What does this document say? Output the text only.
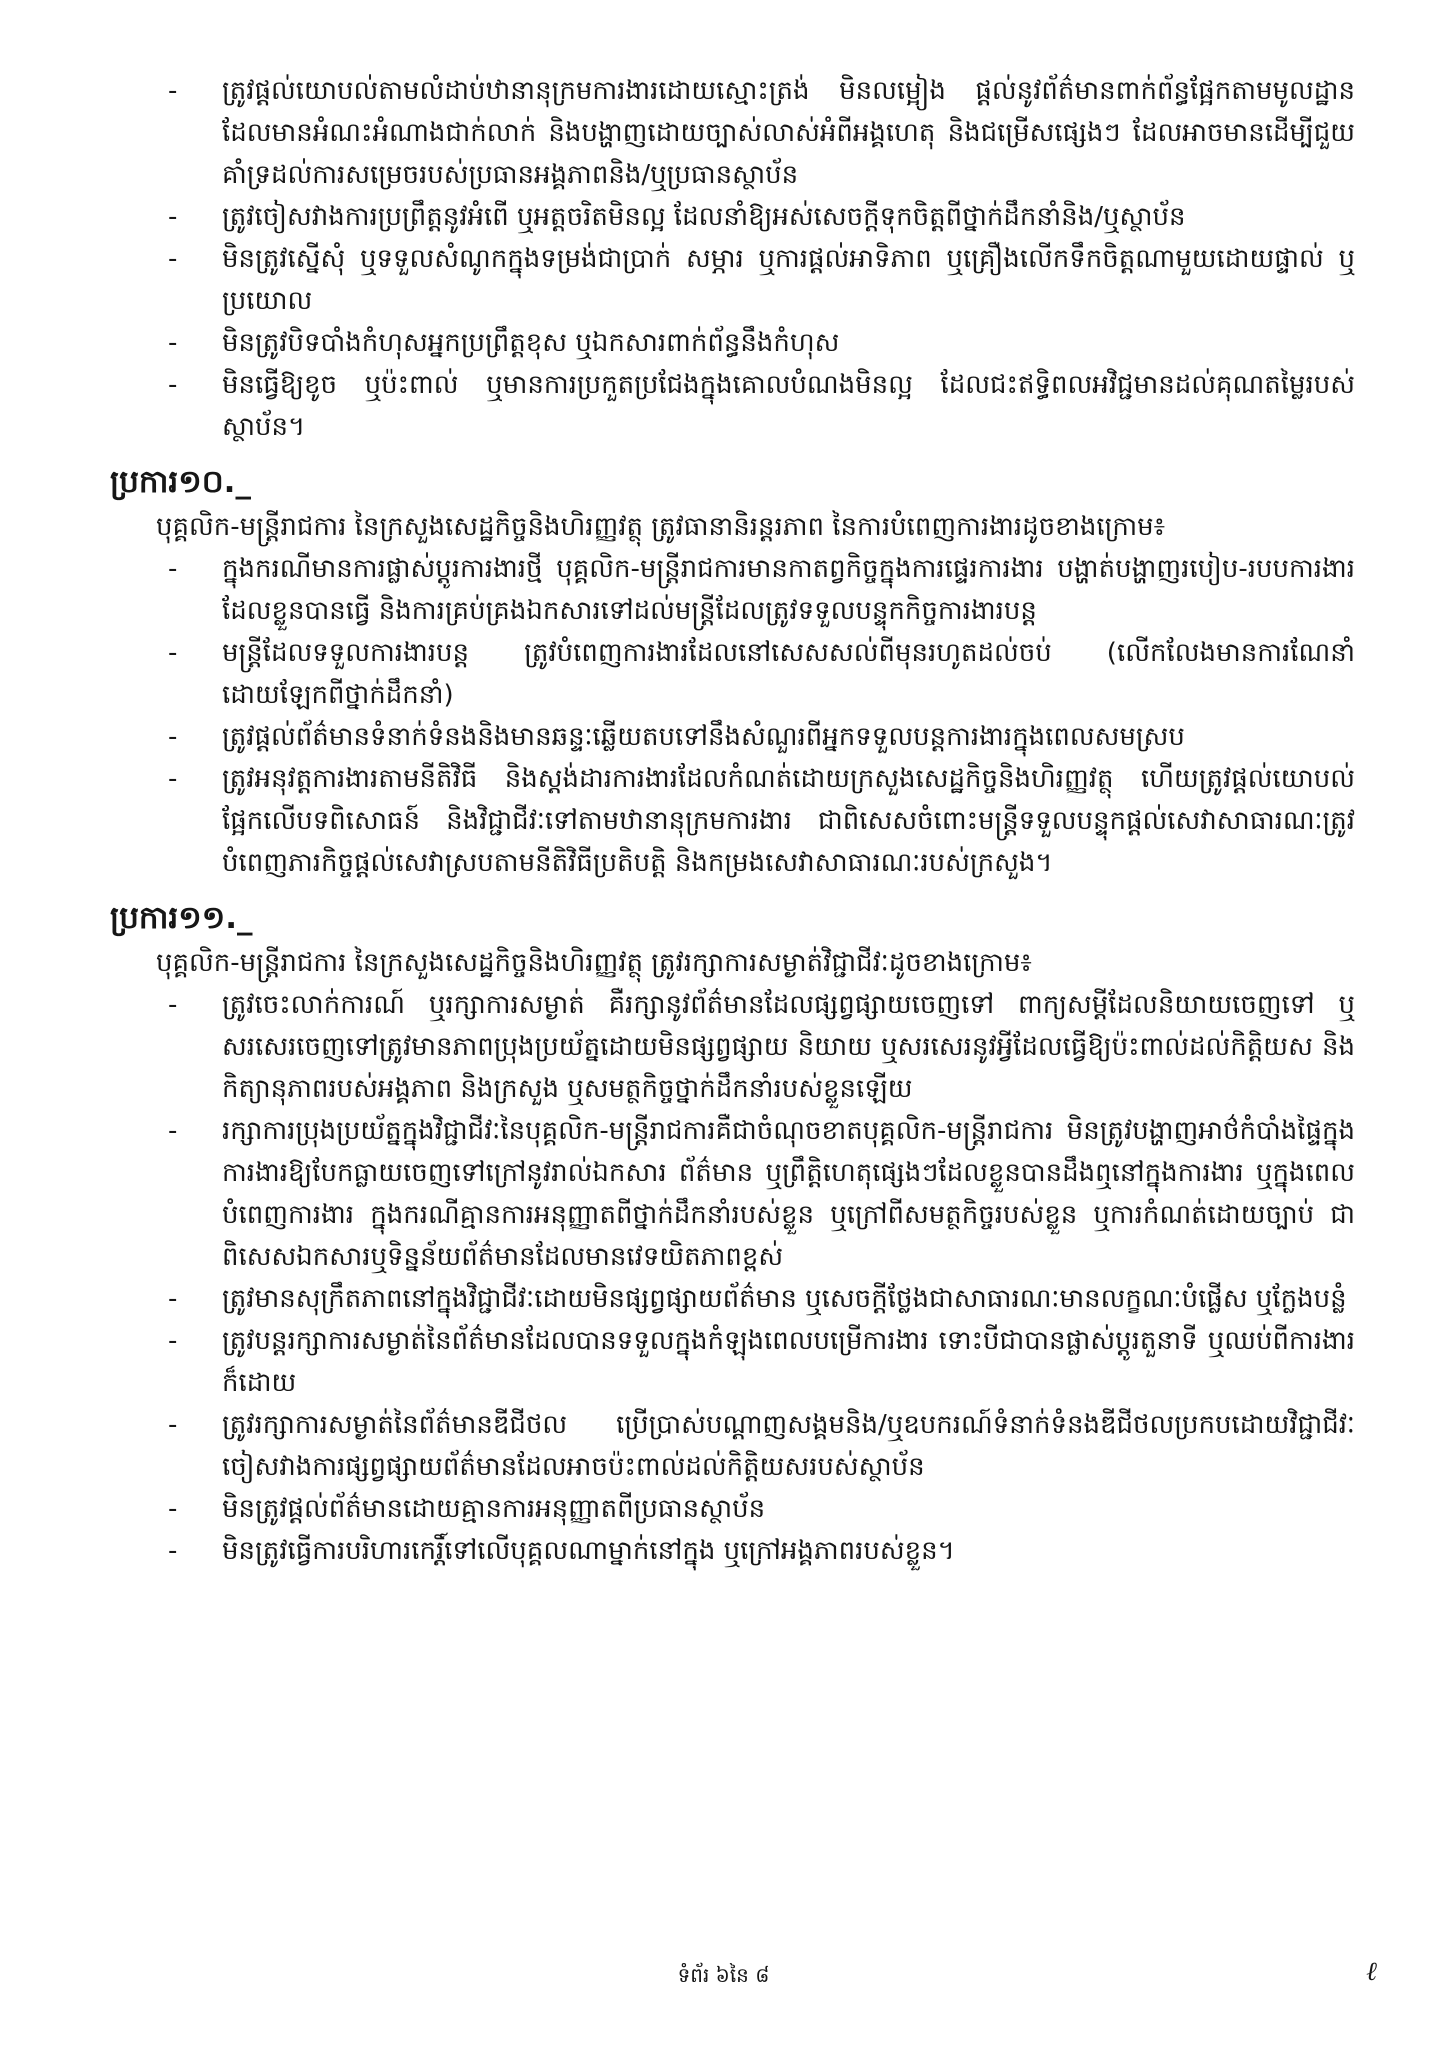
- ត្រូវផ្តល់យោបល់តាមលំដាប់ឋានានុក្រមការងារដោយស្មោះត្រង់ មិនលម្អៀង ផ្តល់នូវព័ត៌មានពាក់ព័ន្ធផ្អែកតាមមូលដ្ឋានដែលមានអំណះអំណាងជាក់លាក់ និងបង្ហាញដោយច្បាស់លាស់អំពីអង្គហេតុ និងជម្រើសផ្សេងៗ ដែលអាចមានដើម្បីជួយគាំទ្រដល់ការសម្រេចរបស់ប្រធានអង្គភាពនិង/ឬប្រធានស្ថាប័ន
- ត្រូវចៀសវាងការប្រព្រឹត្តនូវអំពើ ឬអត្តចរិតមិនល្អ ដែលនាំឱ្យអស់សេចក្តីទុកចិត្តពីថ្នាក់ដឹកនាំនិង/ឬស្ថាប័ន
- មិនត្រូវស្នើសុំ ឬទទួលសំណូកក្នុងទម្រង់ជាប្រាក់ សម្ភារ ឬការផ្តល់អាទិភាព ឬគ្រឿងលើកទឹកចិត្តណាមួយដោយផ្ទាល់ ឬប្រយោល
- មិនត្រូវបិទបាំងកំហុសអ្នកប្រព្រឹត្តខុស ឬឯកសារពាក់ព័ន្ធនឹងកំហុស
- មិនធ្វើឱ្យខូច ឬប៉ះពាល់ ឬមានការប្រកួតប្រជែងក្នុងគោលបំណងមិនល្អ ដែលជះឥទ្ធិពលអវិជ្ជមានដល់គុណតម្លៃរបស់ស្ថាប័ន។
ប្រការ១០._

បុគ្គលិក-មន្ត្រីរាជការ នៃក្រសួងសេដ្ឋកិច្ចនិងហិរញ្ញវត្ថុ ត្រូវធានានិរន្តរភាព នៃការបំពេញការងារដូចខាងក្រោម៖

- ក្នុងករណីមានការផ្លាស់ប្តូរការងារថ្មី បុគ្គលិក-មន្ត្រីរាជការមានកាតព្វកិច្ចក្នុងការផ្ទេរការងារ បង្ហាត់បង្ហាញរបៀប-របបការងារដែលខ្លួនបានធ្វើ និងការគ្រប់គ្រងឯកសារទៅដល់មន្ត្រីដែលត្រូវទទួលបន្ទុកកិច្ចការងារបន្ត
- មន្ត្រីដែលទទួលការងារបន្ត ត្រូវបំពេញការងារដែលនៅសេសសល់ពីមុនរហូតដល់ចប់ (លើកលែងមានការណែនាំដោយឡែកពីថ្នាក់ដឹកនាំ)
- ត្រូវផ្តល់ព័ត៌មានទំនាក់ទំនងនិងមានឆន្ទៈឆ្លើយតបទៅនឹងសំណួរពីអ្នកទទួលបន្តការងារក្នុងពេលសមស្រប
- ត្រូវអនុវត្តការងារតាមនីតិវិធី និងស្តង់ដារការងារដែលកំណត់ដោយក្រសួងសេដ្ឋកិច្ចនិងហិរញ្ញវត្ថុ ហើយត្រូវផ្តល់យោបល់ផ្អែកលើបទពិសោធន៍ និងវិជ្ជាជីវៈទៅតាមឋានានុក្រមការងារ ជាពិសេសចំពោះមន្ត្រីទទួលបន្ទុកផ្តល់សេវាសាធារណៈត្រូវបំពេញភារកិច្ចផ្តល់សេវាស្របតាមនីតិវិធីប្រតិបត្តិ និងកម្រងសេវាសាធារណៈរបស់ក្រសួង។
ប្រការ១១._

បុគ្គលិក-មន្ត្រីរាជការ នៃក្រសួងសេដ្ឋកិច្ចនិងហិរញ្ញវត្ថុ ត្រូវរក្សាការសម្ងាត់វិជ្ជាជីវៈដូចខាងក្រោម៖

- ត្រូវចេះលាក់ការណ៍ ឬរក្សាការសម្ងាត់ គឺរក្សានូវព័ត៌មានដែលផ្សព្វផ្សាយចេញទៅ ពាក្យសម្តីដែលនិយាយចេញទៅ ឬសរសេរចេញទៅត្រូវមានភាពប្រុងប្រយ័ត្នដោយមិនផ្សព្វផ្សាយ និយាយ ឬសរសេរនូវអ្វីដែលធ្វើឱ្យប៉ះពាល់ដល់កិត្តិយស និងកិត្យានុភាពរបស់អង្គភាព និងក្រសួង ឬសមត្ថកិច្ចថ្នាក់ដឹកនាំរបស់ខ្លួនឡើយ
- រក្សាការប្រុងប្រយ័ត្នក្នុងវិជ្ជាជីវៈនៃបុគ្គលិក-មន្ត្រីរាជការគឺជាចំណុចខាតបុគ្គលិក-មន្ត្រីរាជការ មិនត្រូវបង្ហាញអាថ៌កំបាំងផ្ទៃក្នុងការងារឱ្យបែកធ្លាយចេញទៅក្រៅនូវរាល់ឯកសារ ព័ត៌មាន ឬព្រឹត្តិហេតុផ្សេងៗដែលខ្លួនបានដឹងឮនៅក្នុងការងារ ឬក្នុងពេលបំពេញការងារ ក្នុងករណីគ្មានការអនុញ្ញាតពីថ្នាក់ដឹកនាំរបស់ខ្លួន ឬក្រៅពីសមត្ថកិច្ចរបស់ខ្លួន ឬការកំណត់ដោយច្បាប់ ជាពិសេសឯកសារឬទិន្នន័យព័ត៌មានដែលមានវេទយិតភាពខ្ពស់
- ត្រូវមានសុក្រឹតភាពនៅក្នុងវិជ្ជាជីវៈដោយមិនផ្សព្វផ្សាយព័ត៌មាន ឬសេចក្តីថ្លែងជាសាធារណៈមានលក្ខណៈបំផ្លើស ឬក្លែងបន្លំ
- ត្រូវបន្តរក្សាការសម្ងាត់នៃព័ត៌មានដែលបានទទួលក្នុងកំឡុងពេលបម្រើការងារ ទោះបីជាបានផ្លាស់ប្តូរតួនាទី ឬឈប់ពីការងារក៏ដោយ
- ត្រូវរក្សាការសម្ងាត់នៃព័ត៌មានឌីជីថល ប្រើប្រាស់បណ្តាញសង្គមនិង/ឬឧបករណ៍ទំនាក់ទំនងឌីជីថលប្រកបដោយវិជ្ជាជីវៈ ចៀសវាងការផ្សព្វផ្សាយព័ត៌មានដែលអាចប៉ះពាល់ដល់កិត្តិយសរបស់ស្ថាប័ន
- មិនត្រូវផ្តល់ព័ត៌មានដោយគ្មានការអនុញ្ញាតពីប្រធានស្ថាប័ន
- មិនត្រូវធ្វើការបរិហារកេរ្តិ៍ទៅលើបុគ្គលណាម្នាក់នៅក្នុង ឬក្រៅអង្គភាពរបស់ខ្លួន។
ទំព័រ ៦នៃ ៨	ℓ
